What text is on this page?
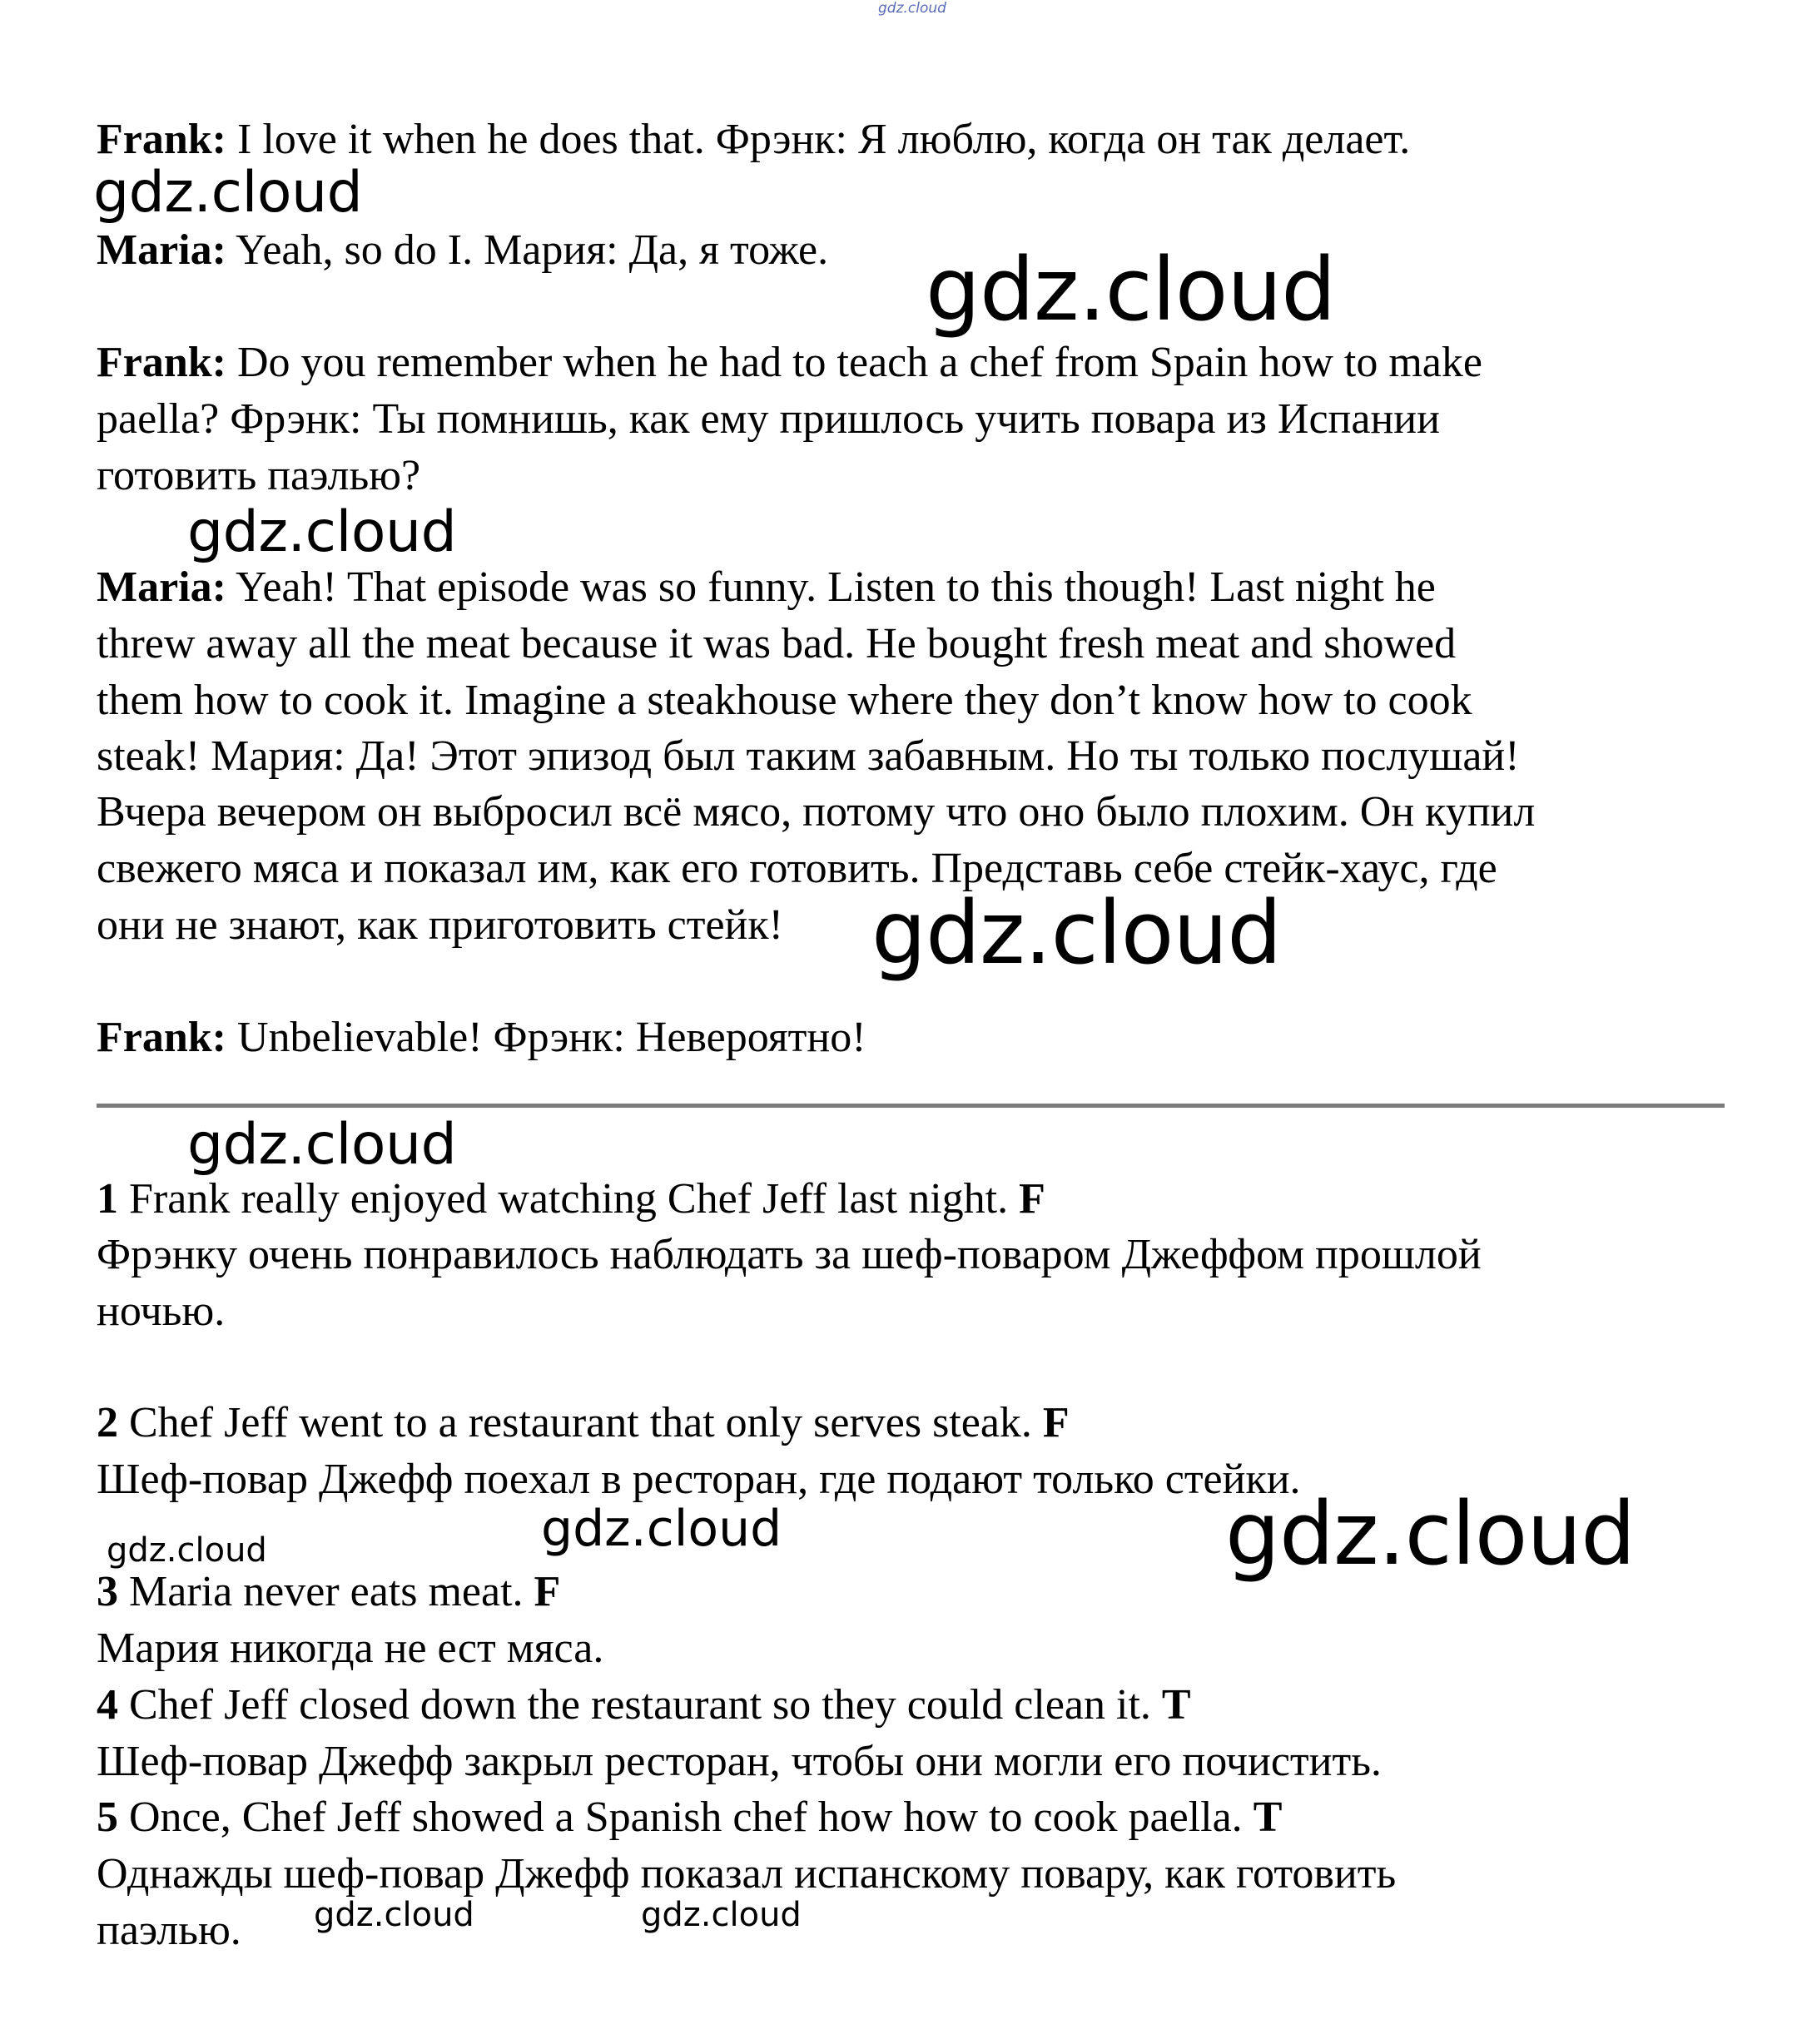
gdz.cloud
Frank: I love it when he does that. Фрэнк: Я люблю, когда он так делает.
Maria: Yeah, so do I. Мария: Да, я тоже.
Frank: Do you remember when he had to teach a chef from Spain how to make
paella? Фрэнк: Ты помнишь, как ему пришлось учить повара из Испании
готовить паэлью?
Maria: Yeah! That episode was so funny. Listen to this though! Last night he
threw away all the meat because it was bad. He bought fresh meat and showed
them how to cook it. Imagine a steakhouse where they don’t know how to cook
steak! Мария: Да! Этот эпизод был таким забавным. Но ты только послушай!
Вчера вечером он выбросил всё мясо, потому что оно было плохим. Он купил
свежего мяса и показал им, как его готовить. Представь себе стейк-хаус, где
они не знают, как приготовить стейк!
Frank: Unbelievable! Фрэнк: Невероятно!
1 Frank really enjoyed watching Chef Jeff last night. F
Фрэнку очень понравилось наблюдать за шеф-поваром Джеффом прошлой
ночью.
2 Chef Jeff went to a restaurant that only serves steak. F
Шеф-повар Джефф поехал в ресторан, где подают только стейки.
3 Maria never eats meat. F
Мария никогда не ест мяса.
4 Chef Jeff closed down the restaurant so they could clean it. T
Шеф-повар Джефф закрыл ресторан, чтобы они могли его почистить.
5 Once, Chef Jeff showed a Spanish chef how how to cook paella. T
Однажды шеф-повар Джефф показал испанскому повару, как готовить
паэлью.
gdz.cloud
gdz.cloud
gdz.cloud
gdz.cloud
gdz.cloud
gdz.cloud	gdz.cloud
gdz.cloud
gdz.cloud	gdz.cloud
